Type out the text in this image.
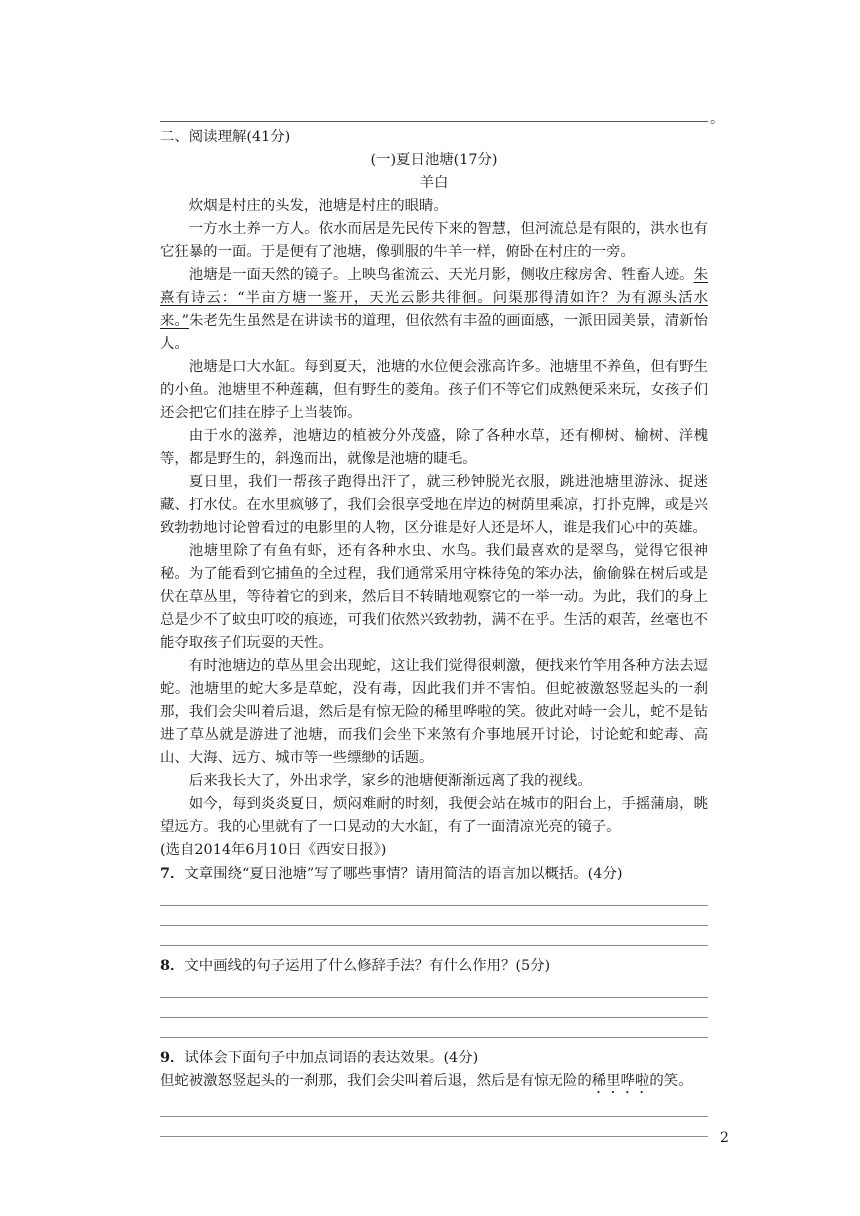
。

二、阅读理解(41分)

(一)夏日池塘(17分)

羊白

炊烟是村庄的头发，池塘是村庄的眼睛。

一方水土养一方人。依水而居是先民传下来的智慧，但河流总是有限的，洪水也有它狂暴的一面。于是便有了池塘，像驯服的牛羊一样，俯卧在村庄的一旁。

池塘是一面天然的镜子。上映鸟雀流云、天光月影，侧收庄稼房舍、牲畜人迹。朱熹有诗云：“半亩方塘一鉴开，天光云影共徘徊。问渠那得清如许？为有源头活水来。”朱老先生虽然是在讲读书的道理，但依然有丰盈的画面感，一派田园美景，清新怡人。

池塘是口大水缸。每到夏天，池塘的水位便会涨高许多。池塘里不养鱼，但有野生的小鱼。池塘里不种莲藕，但有野生的菱角。孩子们不等它们成熟便采来玩，女孩子们还会把它们挂在脖子上当装饰。

由于水的滋养，池塘边的植被分外茂盛，除了各种水草，还有柳树、榆树、洋槐等，都是野生的，斜逸而出，就像是池塘的睫毛。

夏日里，我们一帮孩子跑得出汗了，就三秒钟脱光衣服，跳进池塘里游泳、捉迷藏、打水仗。在水里疯够了，我们会很享受地在岸边的树荫里乘凉，打扑克牌，或是兴致勃勃地讨论曾看过的电影里的人物，区分谁是好人还是坏人，谁是我们心中的英雄。

池塘里除了有鱼有虾，还有各种水虫、水鸟。我们最喜欢的是翠鸟，觉得它很神秘。为了能看到它捕鱼的全过程，我们通常采用守株待兔的笨办法，偷偷躲在树后或是伏在草丛里，等待着它的到来，然后目不转睛地观察它的一举一动。为此，我们的身上总是少不了蚊虫叮咬的痕迹，可我们依然兴致勃勃，满不在乎。生活的艰苦，丝毫也不能夺取孩子们玩耍的天性。

有时池塘边的草丛里会出现蛇，这让我们觉得很刺激，便找来竹竿用各种方法去逗蛇。池塘里的蛇大多是草蛇，没有毒，因此我们并不害怕。但蛇被激怒竖起头的一刹那，我们会尖叫着后退，然后是有惊无险的稀里哗啦的笑。彼此对峙一会儿，蛇不是钻进了草丛就是游进了池塘，而我们会坐下来煞有介事地展开讨论，讨论蛇和蛇毒、高山、大海、远方、城市等一些缥缈的话题。

后来我长大了，外出求学，家乡的池塘便渐渐远离了我的视线。

如今，每到炎炎夏日，烦闷难耐的时刻，我便会站在城市的阳台上，手摇蒲扇，眺望远方。我的心里就有了一口晃动的大水缸，有了一面清凉光亮的镜子。

(选自2014年6月10日《西安日报》)

7．文章围绕“夏日池塘”写了哪些事情？请用简洁的语言加以概括。(4分)

8．文中画线的句子运用了什么修辞手法？有什么作用？(5分)

9．试体会下面句子中加点词语的表达效果。(4分)

但蛇被激怒竖起头的一刹那，我们会尖叫着后退，然后是有惊无险的稀里哗啦的笑。

2
